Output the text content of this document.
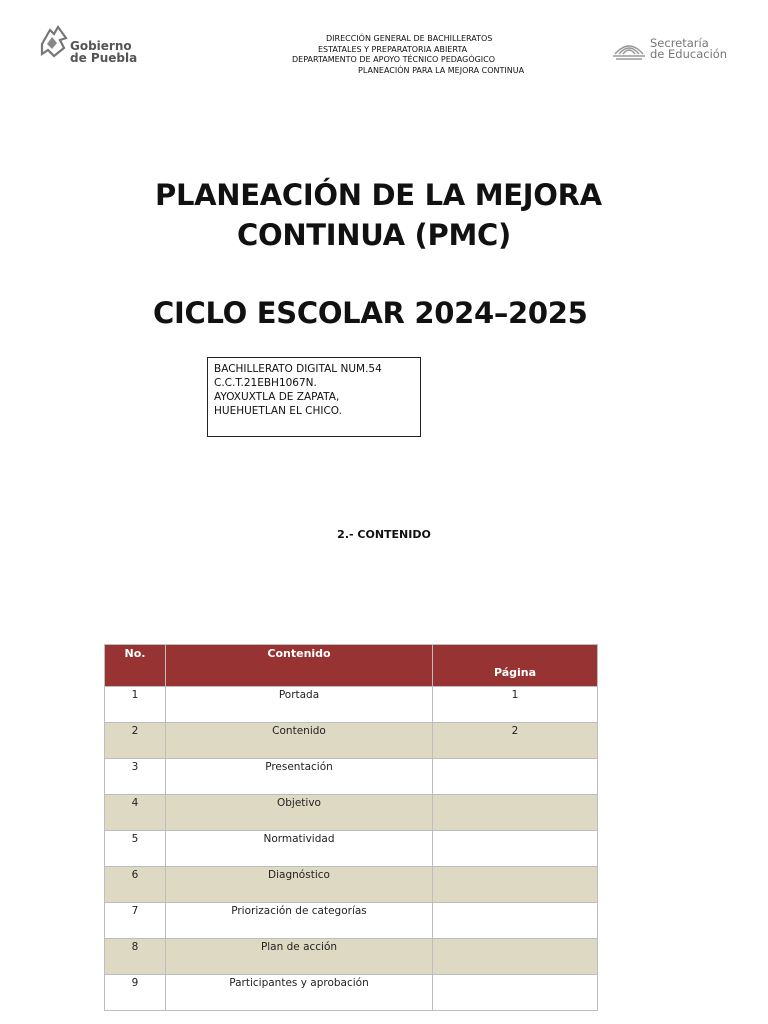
Gobierno
de Puebla
DIRECCIÓN GENERAL DE BACHILLERATOS
ESTATALES Y PREPARATORIA ABIERTA
DEPARTAMENTO DE APOYO TÉCNICO PEDAGÓGICO
PLANEACIÓN PARA LA MEJORA CONTINUA
Secretaría
de Educación
PLANEACIÓN DE LA MEJORA
CONTINUA (PMC)
CICLO ESCOLAR 2024–2025
BACHILLERATO DIGITAL NUM.54
C.C.T.21EBH1067N.
AYOXUXTLA DE ZAPATA, HUEHUETLAN EL CHICO.
2.- CONTENIDO
No.	Contenido	Página
1	Portada	1
2	Contenido	2
3	Presentación	
4	Objetivo	
5	Normatividad	
6	Diagnóstico	
7	Priorización de categorías	
8	Plan de acción	
9	Participantes y aprobación	
